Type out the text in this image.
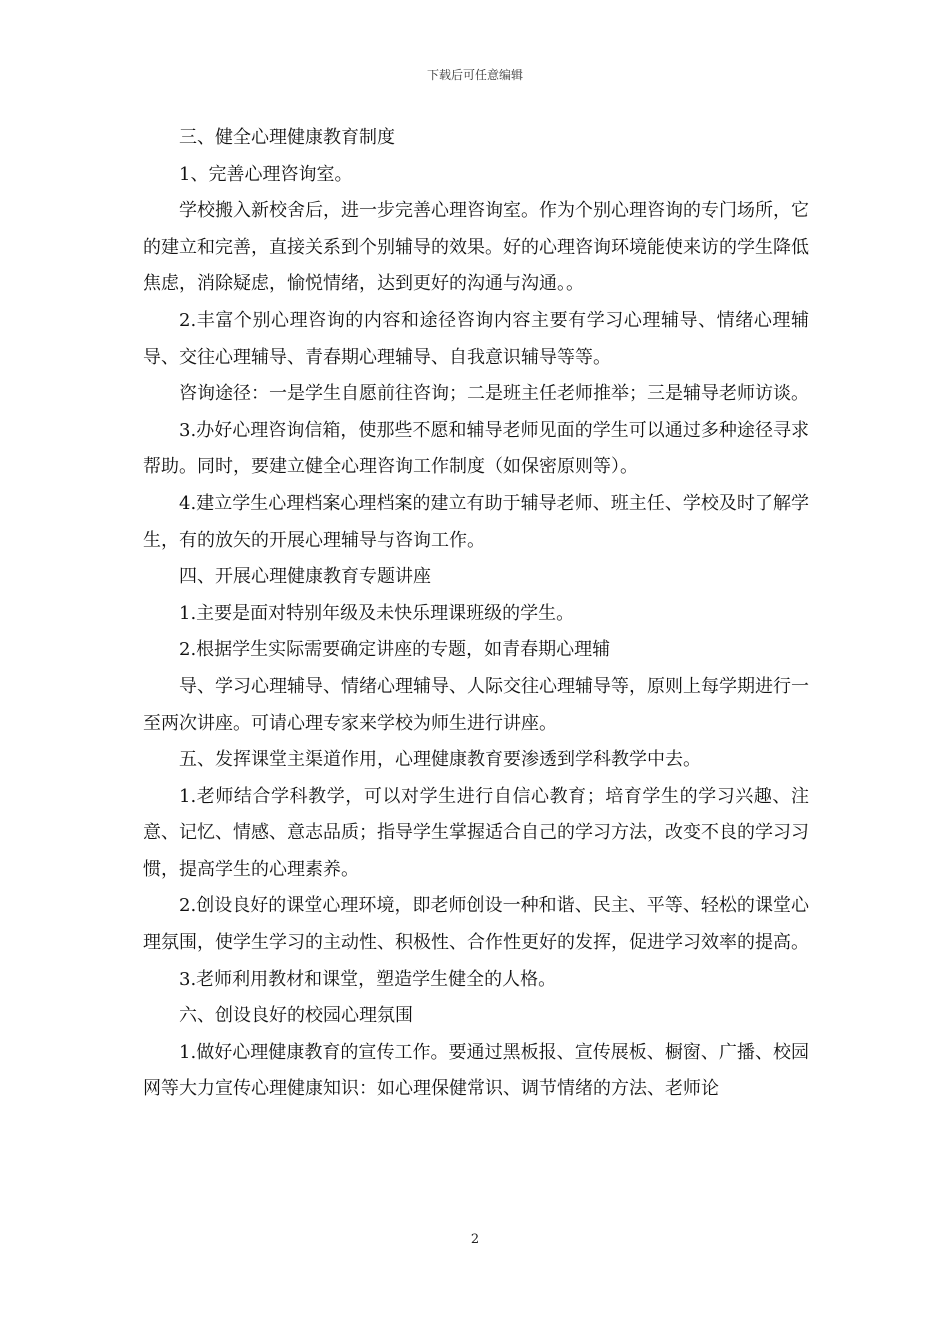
下载后可任意编辑

三、健全心理健康教育制度

1、完善心理咨询室。

学校搬入新校舍后，进一步完善心理咨询室。作为个别心理咨询的专门场所，它的建立和完善，直接关系到个别辅导的效果。好的心理咨询环境能使来访的学生降低焦虑，消除疑虑，愉悦情绪，达到更好的沟通与沟通。。

2.丰富个别心理咨询的内容和途径咨询内容主要有学习心理辅导、情绪心理辅导、交往心理辅导、青春期心理辅导、自我意识辅导等等。

咨询途径：一是学生自愿前往咨询；二是班主任老师推举；三是辅导老师访谈。

3.办好心理咨询信箱，使那些不愿和辅导老师见面的学生可以通过多种途径寻求帮助。同时，要建立健全心理咨询工作制度（如保密原则等）。

4.建立学生心理档案心理档案的建立有助于辅导老师、班主任、学校及时了解学生，有的放矢的开展心理辅导与咨询工作。

四、开展心理健康教育专题讲座

1.主要是面对特别年级及未快乐理课班级的学生。

2.根据学生实际需要确定讲座的专题，如青春期心理辅

导、学习心理辅导、情绪心理辅导、人际交往心理辅导等，原则上每学期进行一至两次讲座。可请心理专家来学校为师生进行讲座。

五、发挥课堂主渠道作用，心理健康教育要渗透到学科教学中去。

1.老师结合学科教学，可以对学生进行自信心教育；培育学生的学习兴趣、注意、记忆、情感、意志品质；指导学生掌握适合自己的学习方法，改变不良的学习习惯，提高学生的心理素养。

2.创设良好的课堂心理环境，即老师创设一种和谐、民主、平等、轻松的课堂心理氛围，使学生学习的主动性、积极性、合作性更好的发挥，促进学习效率的提高。

3.老师利用教材和课堂，塑造学生健全的人格。

六、创设良好的校园心理氛围

1.做好心理健康教育的宣传工作。要通过黑板报、宣传展板、橱窗、广播、校园网等大力宣传心理健康知识：如心理保健常识、调节情绪的方法、老师论

2
